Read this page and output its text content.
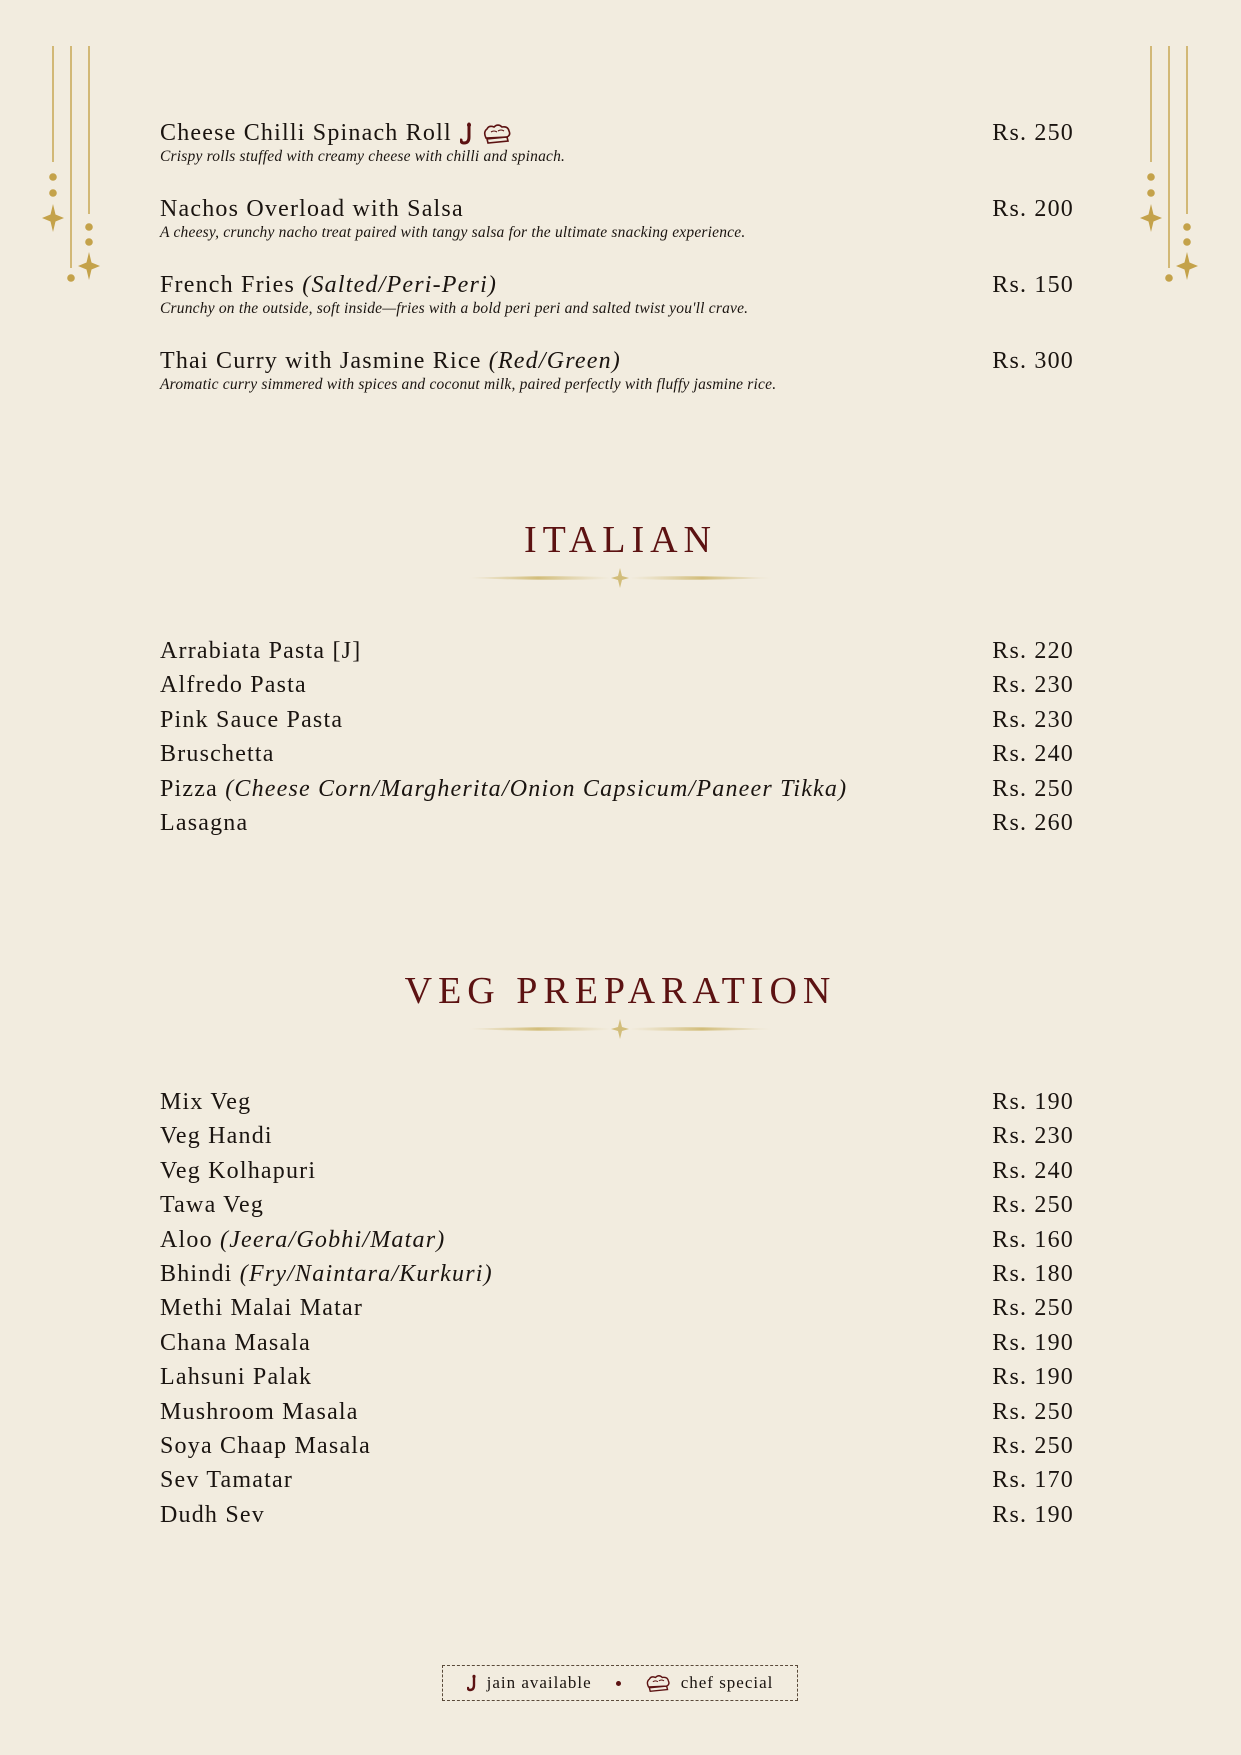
Cheese Chilli Spinach Roll	Rs. 250
Crispy rolls stuffed with creamy cheese with chilli and spinach.
Nachos Overload with Salsa	Rs. 200
A cheesy, crunchy nacho treat paired with tangy salsa for the ultimate snacking experience.
French Fries (Salted/Peri-Peri)	Rs. 150
Crunchy on the outside, soft inside—fries with a bold peri peri and salted twist you'll crave.
Thai Curry with Jasmine Rice (Red/Green)	Rs. 300
Aromatic curry simmered with spices and coconut milk, paired perfectly with fluffy jasmine rice.
ITALIAN
Arrabiata Pasta [J]	Rs. 220
Alfredo Pasta	Rs. 230
Pink Sauce Pasta	Rs. 230
Bruschetta	Rs. 240
Pizza (Cheese Corn/Margherita/Onion Capsicum/Paneer Tikka)	Rs. 250
Lasagna	Rs. 260
VEG PREPARATION
Mix Veg	Rs. 190
Veg Handi	Rs. 230
Veg Kolhapuri	Rs. 240
Tawa Veg	Rs. 250
Aloo (Jeera/Gobhi/Matar)	Rs. 160
Bhindi (Fry/Naintara/Kurkuri)	Rs. 180
Methi Malai Matar	Rs. 250
Chana Masala	Rs. 190
Lahsuni Palak	Rs. 190
Mushroom Masala	Rs. 250
Soya Chaap Masala	Rs. 250
Sev Tamatar	Rs. 170
Dudh Sev	Rs. 190
jain available	chef special
